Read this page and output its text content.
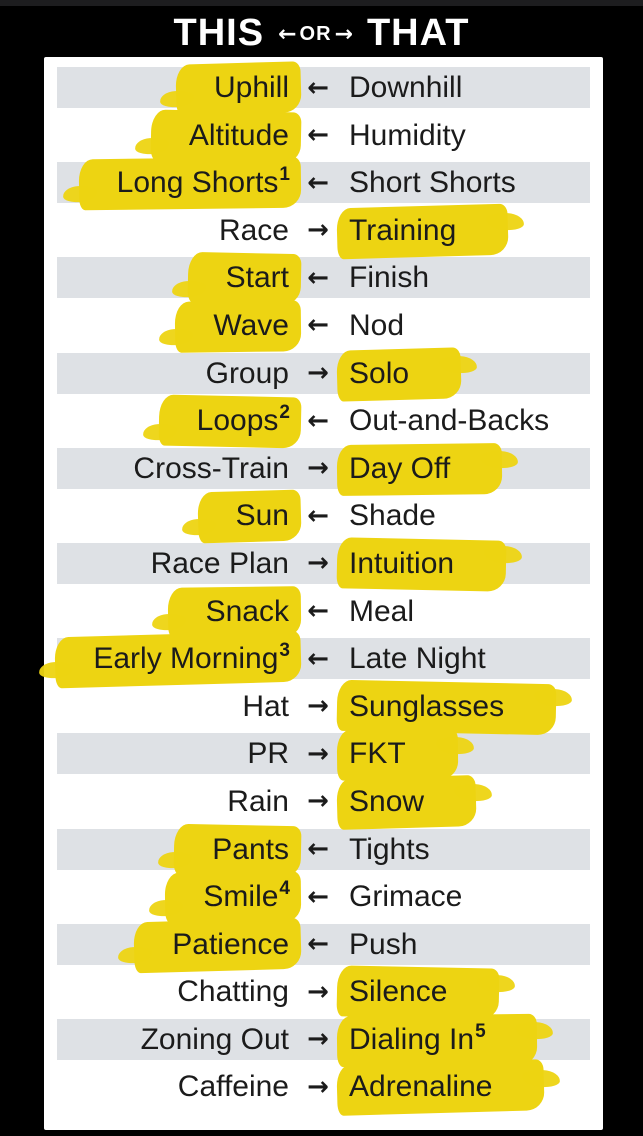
THIS ← OR → THAT
Uphill ← Downhill
Altitude ← Humidity
Long Shorts$^1$ ← Short Shorts
Race → Training
Start ← Finish
Wave ← Nod
Group → Solo
Loops$^2$ ← Out-and-Backs
Cross-Train → Day Off
Sun ← Shade
Race Plan → Intuition
Snack ← Meal
Early Morning$^3$ ← Late Night
Hat → Sunglasses
PR → FKT
Rain → Snow
Pants ← Tights
Smile$^4$ ← Grimace
Patience ← Push
Chatting → Silence
Zoning Out → Dialing In$^5$
Caffeine → Adrenaline
